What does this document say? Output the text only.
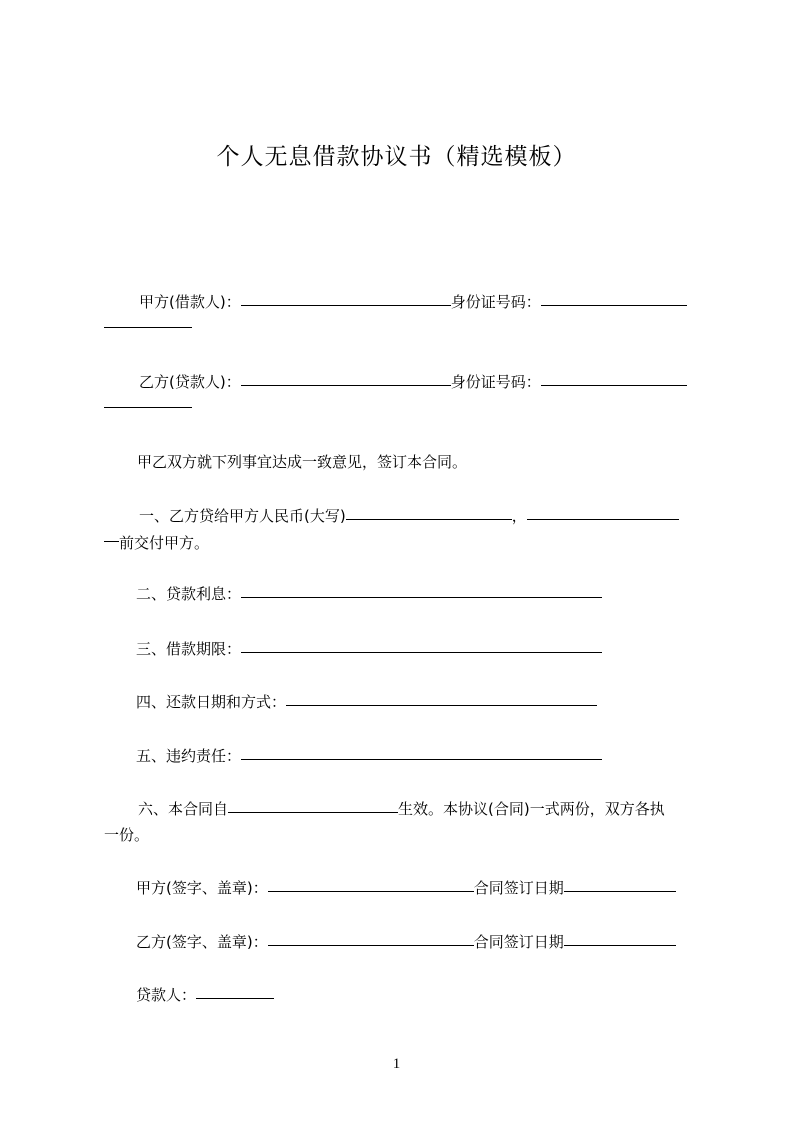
个人无息借款协议书（精选模板）
甲方(借款人)：	身份证号码：
乙方(贷款人)：	身份证号码：
甲乙双方就下列事宜达成一致意见，签订本合同。
一、乙方贷给甲方人民币(大写)	，
前交付甲方。
二、贷款利息：
三、借款期限：
四、还款日期和方式：
五、违约责任：
六、本合同自	生效。本协议(合同)一式两份，双方各执
一份。
甲方(签字、盖章)：	合同签订日期
乙方(签字、盖章)：	合同签订日期
贷款人：
1
